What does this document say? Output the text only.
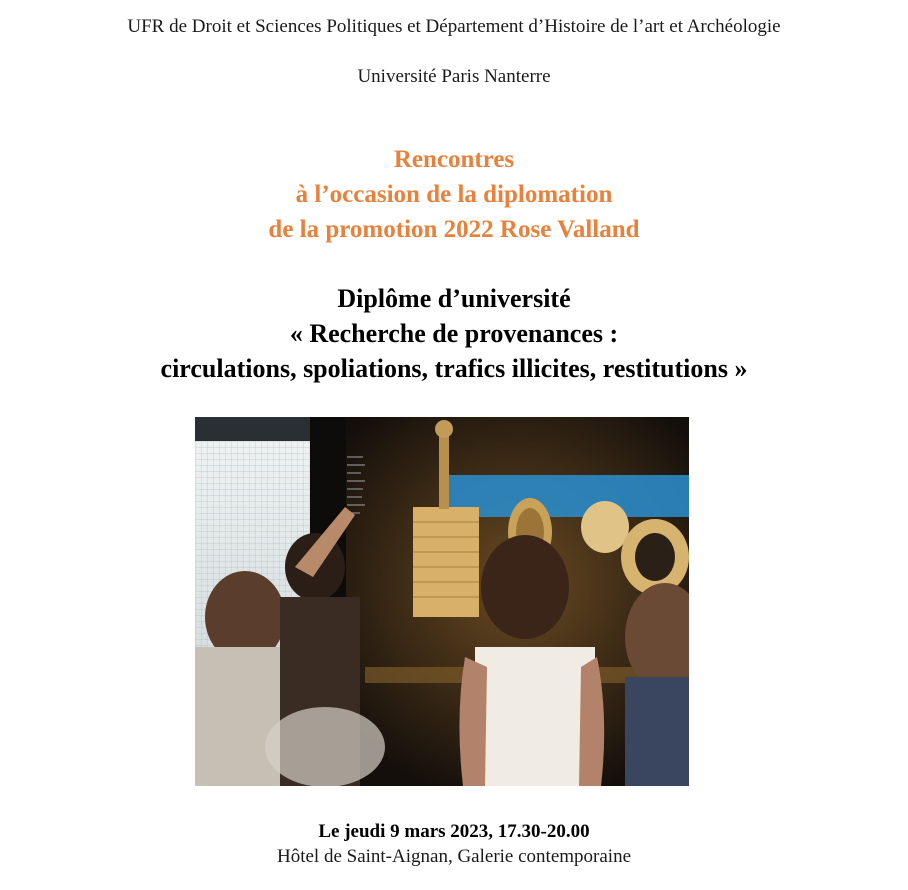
UFR de Droit et Sciences Politiques et Département d’Histoire de l’art et Archéologie
Université Paris Nanterre
Rencontres
à l’occasion de la diplomation
de la promotion 2022 Rose Valland
Diplôme d’université
« Recherche de provenances :
circulations, spoliations, trafics illicites, restitutions »
Le jeudi 9 mars 2023, 17.30-20.00
Hôtel de Saint-Aignan, Galerie contemporaine
